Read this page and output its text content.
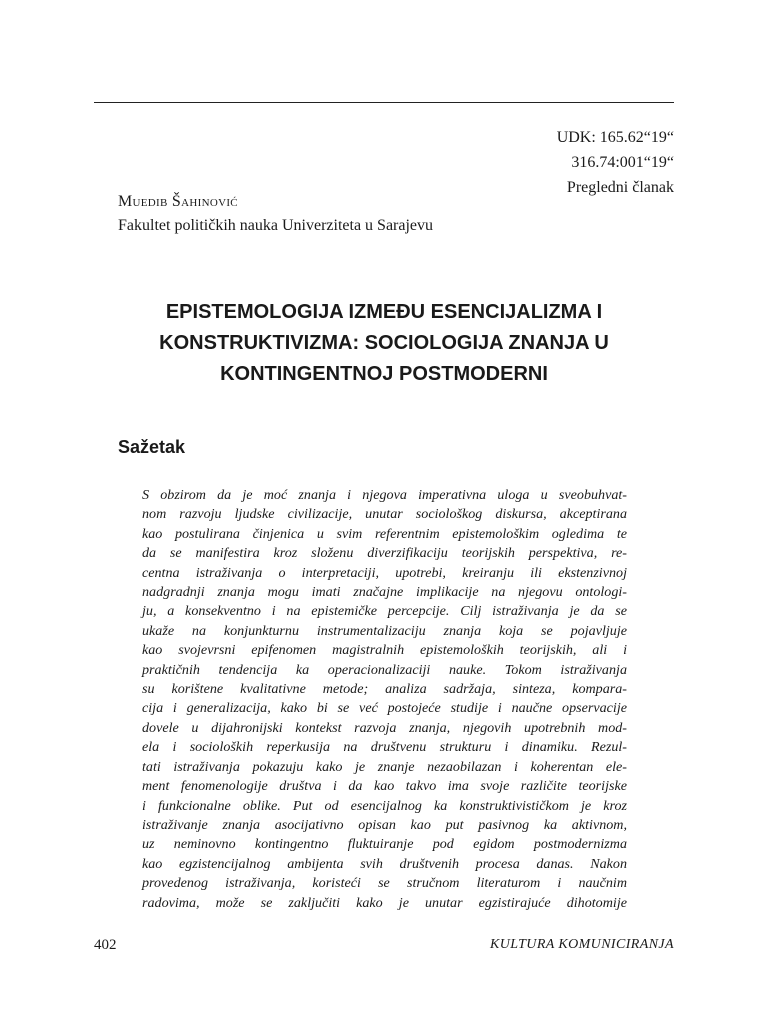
UDK: 165.62“19“
316.74:001“19“
Pregledni članak
Muedib Šahinović
Fakultet političkih nauka Univerziteta u Sarajevu
EPISTEMOLOGIJA IZMEĐU ESENCIJALIZMA I
KONSTRUKTIVIZMA: SOCIOLOGIJA ZNANJA U
KONTINGENTNOJ POSTMODERNI
Sažetak
S obzirom da je moć znanja i njegova imperativna uloga u sveobuhvat-
nom razvoju ljudske civilizacije, unutar sociološkog diskursa, akceptirana
kao postulirana činjenica u svim referentnim epistemološkim ogledima te
da se manifestira kroz složenu diverzifikaciju teorijskih perspektiva, re-
centna istraživanja o interpretaciji, upotrebi, kreiranju ili ekstenzivnoj
nadgradnji znanja mogu imati značajne implikacije na njegovu ontologi-
ju, a konsekventno i na epistemičke percepcije. Cilj istraživanja je da se
ukaže na konjunkturnu instrumentalizaciju znanja koja se pojavljuje
kao svojevrsni epifenomen magistralnih epistemoloških teorijskih, ali i
praktičnih tendencija ka operacionalizaciji nauke. Tokom istraživanja
su korištene kvalitativne metode; analiza sadržaja, sinteza, kompara-
cija i generalizacija, kako bi se već postojeće studije i naučne opservacije
dovele u dijahronijski kontekst razvoja znanja, njegovih upotrebnih mod-
ela i socioloških reperkusija na društvenu strukturu i dinamiku. Rezul-
tati istraživanja pokazuju kako je znanje nezaobilazan i koherentan ele-
ment fenomenologije društva i da kao takvo ima svoje različite teorijske
i funkcionalne oblike. Put od esencijalnog ka konstruktivističkom je kroz
istraživanje znanja asocijativno opisan kao put pasivnog ka aktivnom,
uz neminovno kontingentno fluktuiranje pod egidom postmodernizma
kao egzistencijalnog ambijenta svih društvenih procesa danas. Nakon
provedenog istraživanja, koristeći se stručnom literaturom i naučnim
radovima, može se zaključiti kako je unutar egzistirajuće dihotomije
402	KULTURA KOMUNICIRANJA
